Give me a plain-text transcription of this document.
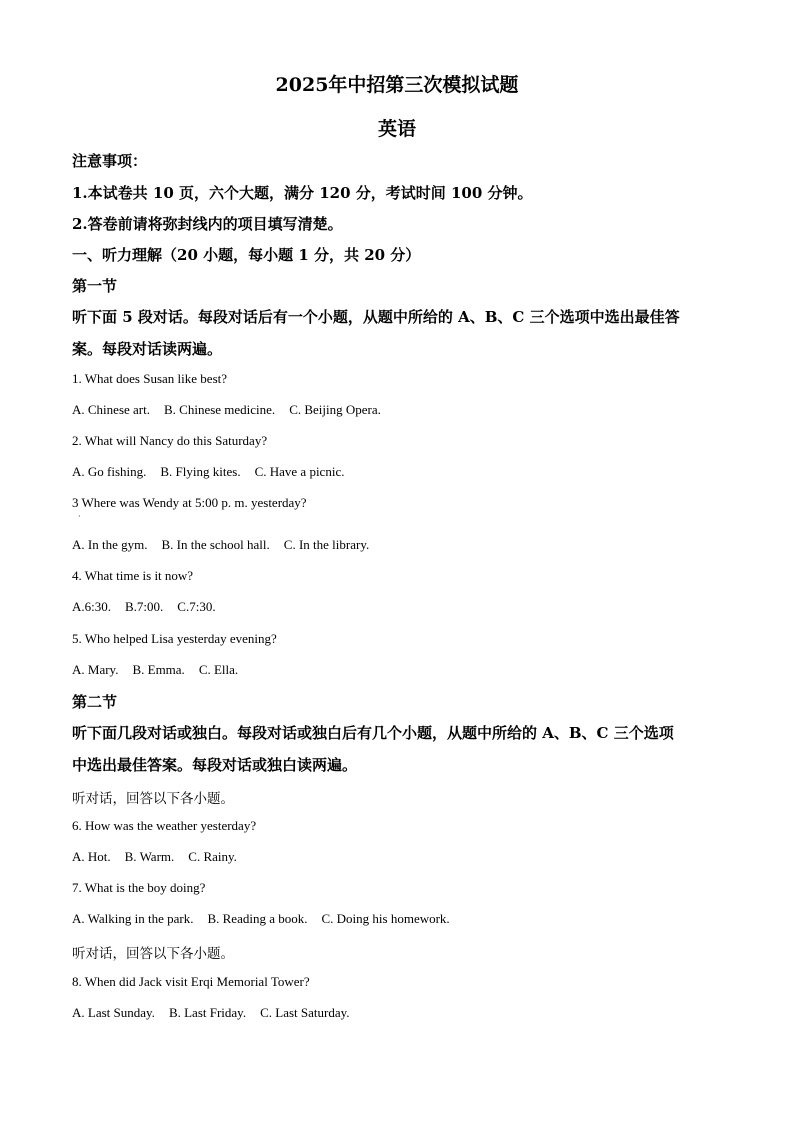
2025年中招第三次模拟试题
英语
注意事项：
1.本试卷共 10 页，六个大题，满分 120 分，考试时间 100 分钟。
2.答卷前请将弥封线内的项目填写清楚。
一、听力理解（20 小题，每小题 1 分，共 20 分）
第一节
听下面 5 段对话。每段对话后有一个小题，从题中所给的 A、B、C 三个选项中选出最佳答
案。每段对话读两遍。
1. What does Susan like best?
A. Chinese art. B. Chinese medicine. C. Beijing Opera.
2. What will Nancy do this Saturday?
A. Go fishing. B. Flying kites. C. Have a picnic.
3 Where was Wendy at 5:00 p. m. yesterday?
·
A. In the gym. B. In the school hall. C. In the library.
4. What time is it now?
A.6:30. B.7:00. C.7:30.
5. Who helped Lisa yesterday evening?
A. Mary. B. Emma. C. Ella.
第二节
听下面几段对话或独白。每段对话或独白后有几个小题，从题中所给的 A、B、C 三个选项
中选出最佳答案。每段对话或独白读两遍。
听对话，回答以下各小题。
6. How was the weather yesterday?
A. Hot. B. Warm. C. Rainy.
7. What is the boy doing?
A. Walking in the park. B. Reading a book. C. Doing his homework.
听对话，回答以下各小题。
8. When did Jack visit Erqi Memorial Tower?
A. Last Sunday. B. Last Friday. C. Last Saturday.
